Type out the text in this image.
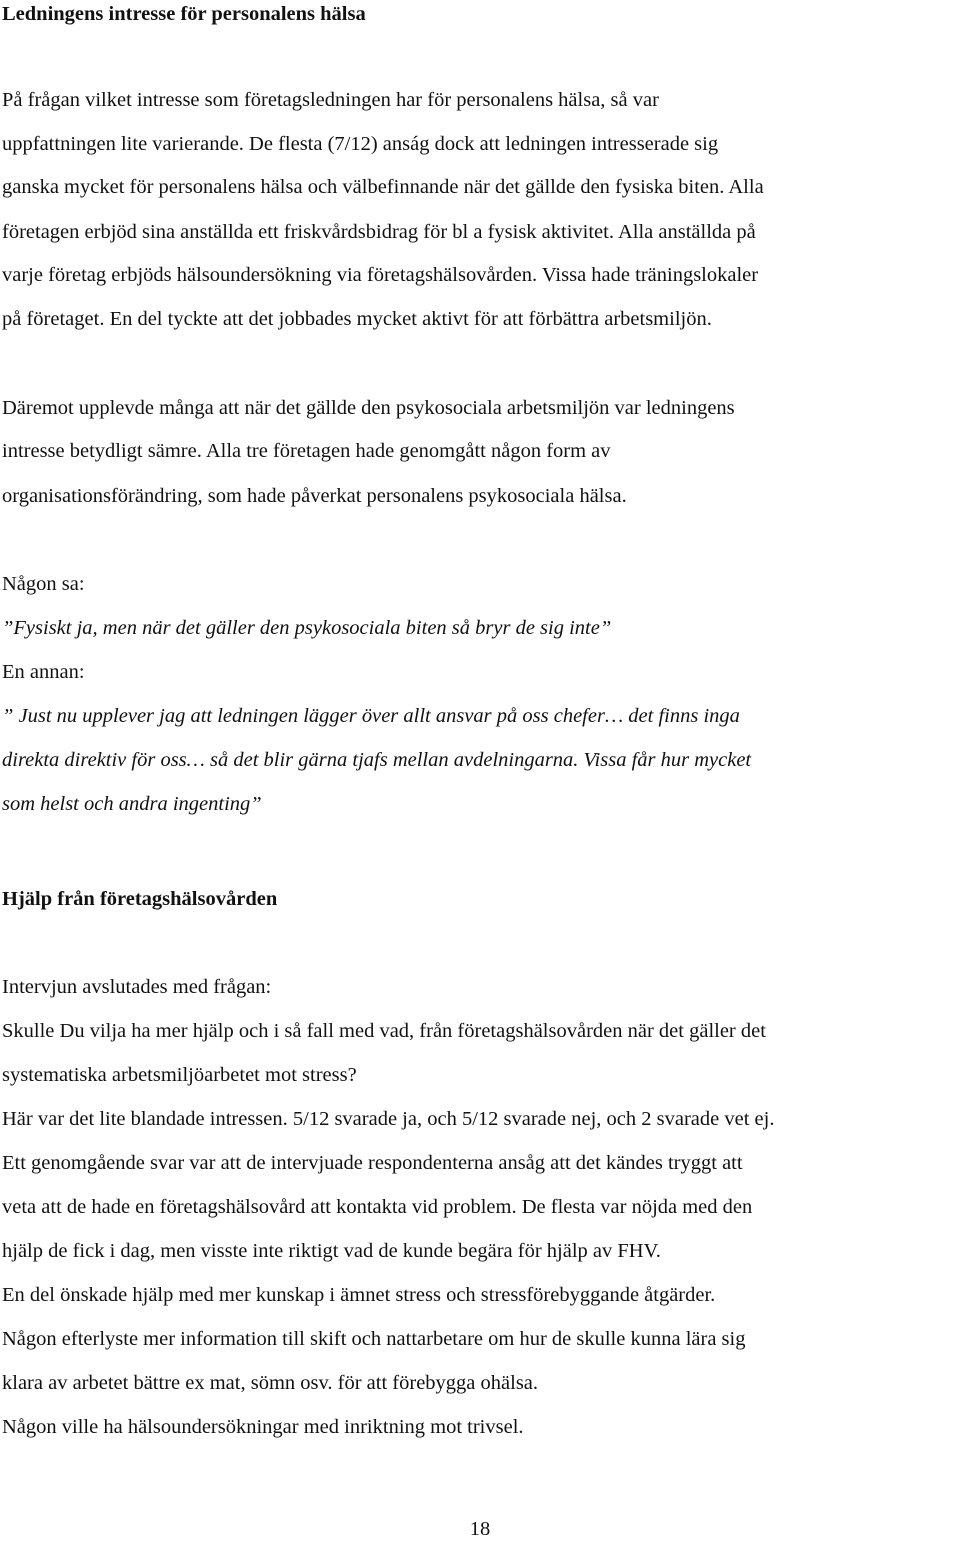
Ledningens intresse för personalens hälsa
På frågan vilket intresse som företagsledningen har för personalens hälsa, så var
uppfattningen lite varierande. De flesta (7/12) anság dock att ledningen intresserade sig
ganska mycket för personalens hälsa och välbefinnande när det gällde den fysiska biten. Alla
företagen erbjöd sina anställda ett friskvårdsbidrag för bl a fysisk aktivitet. Alla anställda på
varje företag erbjöds hälsoundersökning via företagshälsovården. Vissa hade träningslokaler
på företaget. En del tyckte att det jobbades mycket aktivt för att förbättra arbetsmiljön.
Däremot upplevde många att när det gällde den psykosociala arbetsmiljön var ledningens
intresse betydligt sämre. Alla tre företagen hade genomgått någon form av
organisationsförändring, som hade påverkat personalens psykosociala hälsa.
Någon sa:
”Fysiskt ja, men när det gäller den psykosociala biten så bryr de sig inte”
En annan:
” Just nu upplever jag att ledningen lägger över allt ansvar på oss chefer… det finns inga
direkta direktiv för oss… så det blir gärna tjafs mellan avdelningarna. Vissa får hur mycket
som helst och andra ingenting”
Hjälp från företagshälsovården
Intervjun avslutades med frågan:
Skulle Du vilja ha mer hjälp och i så fall med vad, från företagshälsovården när det gäller det
systematiska arbetsmiljöarbetet mot stress?
Här var det lite blandade intressen. 5/12 svarade ja, och 5/12 svarade nej, och 2 svarade vet ej.
Ett genomgående svar var att de intervjuade respondenterna ansåg att det kändes tryggt att
veta att de hade en företagshälsovård att kontakta vid problem. De flesta var nöjda med den
hjälp de fick i dag, men visste inte riktigt vad de kunde begära för hjälp av FHV.
En del önskade hjälp med mer kunskap i ämnet stress och stressförebyggande åtgärder.
Någon efterlyste mer information till skift och nattarbetare om hur de skulle kunna lära sig
klara av arbetet bättre ex mat, sömn osv. för att förebygga ohälsa.
Någon ville ha hälsoundersökningar med inriktning mot trivsel.
18
